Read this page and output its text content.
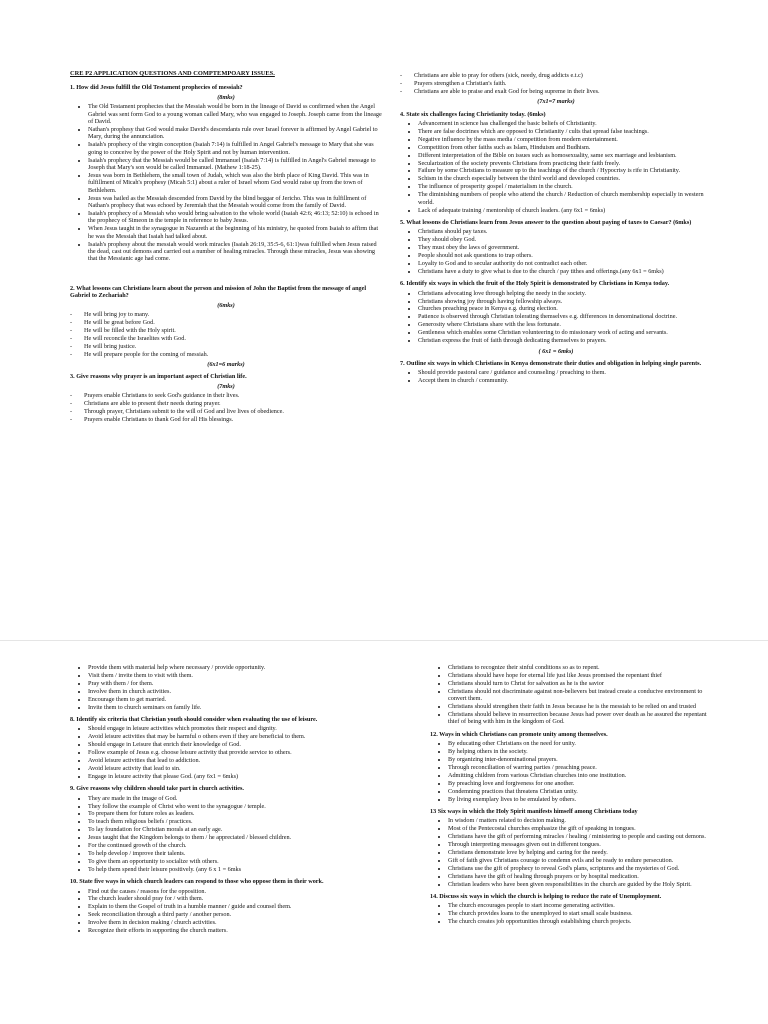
CRE P2 APPLICATION QUESTIONS AND COMPTEMPOARY ISSUES.
1. How did Jesus fulfill the Old Testament prophecies of messiah?
(8mks)
• The Old Testament prophecies that the Messiah would be born in the lineage of David ss confirmed when the Angel Gabriel was sent form God to a young woman called Mary, who was engaged to Joseph. Joseph came from the lineage of David.
• Nathan's prophesy that God would make David's descendants rule over Israel forever is affirmed by Angel Gabriel to Mary, during the annunciation.
• Isaiah's prophecy of the virgin conception (Isaiah 7:14) is fulfilled in Angel Gabriel's message to Mary that she was going to conceive by the power of the Holy Spirit and not by human intervention.
• Isaiah's prophecy that the Messiah would be called Immanuel (Isaiah 7:14) is fulfilled in Angel's Gabriel message to Joseph that Mary's son would be called Immanuel. (Mathew 1:18-25).
• Jesus was born in Bethlehem, the small town of Judah, which was also the birth place of King David. This was in fulfillment of Micah's prophesy (Micah 5:1) about a ruler of Israel whom God would raise up from the town of Bethlehem.
• Jesus was hailed as the Messiah descended from David by the blind beggar of Jericho. This was in fulfillment of Nathan's prophecy that was echoed by Jeremiah that the Messiah would come from the family of David.
• Isaiah's prophecy of a Messiah who would bring salvation to the whole world (Isaiah 42:6; 46:13; 52:10) is echoed in the prophecy of Simeon in the temple in reference to baby Jesus.
• When Jesus taught in the synagogue in Nazareth at the beginning of his ministry, he quoted from Isaiah to affirm that he was the Messiah that Isaiah had talked about.
• Isaiah's prophesy about the messiah would work miracles (Isaiah 26:19, 35:5-6, 61:1)was fulfilled when Jesus raised the dead, cast out demons and carried out a number of healing miracles. Through these miracles, Jesus was showing that the Messianic age had come.
2. What lessons can Christians learn about the person and mission of John the Baptist from the message of angel Gabriel to Zechariah?
(6mks)
- He will bring joy to many.
- He will be great before God.
- He will be filled with the Holy spirit.
- He will reconcile the Israelites with God.
- He will bring justice.
- He will prepare people for the coming of messiah.
(6x1=6 marks)
3. Give reasons why prayer is an important aspect of Christian life.
(7mks)
- Prayers enable Christians to seek God's guidance in their lives.
- Christians are able to present their needs during prayer.
- Through prayer, Christians submit to the will of God and live lives of obedience.
- Prayers enable Christians to thank God for all His blessings.
- Christians are able to pray for others (sick, needy, drug addicts e.t.c)
- Prayers strengthen a Christian's faith.
- Christians are able to praise and exalt God for being supreme in their lives.
(7x1=7 marks)
4. State six challenges facing Christianity today. (6mks)
• Advancement in science has challenged the basic beliefs of Christianity.
• There are false doctrines which are opposed to Christianity / cults that spread false teachings.
• Negative influence by the mass media / competition from modern entertainment.
• Competition from other faiths such as Islam, Hinduism and Budhism.
• Different interpretation of the Bible on issues such as homosexuality, same sex marriage and lesbianism.
• Secularization of the society prevents Christians from practicing their faith freely.
• Failure by some Christians to measure up to the teachings of the church / Hypocrisy is rife in Christianity.
• Schism in the church especially between the third world and developed countries.
• The influence of prosperity gospel / materialism in the church.
• The diminishing numbers of people who attend the church / Reduction of church membership especially in western world.
• Lack of adequate training / mentorship of church leaders. (any 6x1 = 6mks)
5. What lessons do Christians learn from Jesus answer to the question about paying of taxes to Caesar? (6mks)
• Christians should pay taxes.
• They should obey God.
• They must obey the laws of government.
• People should not ask questions to trap others.
• Loyalty to God and to secular authority do not contradict each other.
• Christians have a duty to give what is due to the church / pay tithes and offerings.(any 6x1 = 6mks)
6. Identify six ways in which the fruit of the Holy Spirit is demonstrated by Christians in Kenya today.
• Christians advocating love through helping the needy in the society.
• Christians showing joy through having fellowship always.
• Churches preaching peace in Kenya e.g. during election.
• Patience is observed through Christian tolerating themselves e.g. differences in denominational doctrine.
• Generosity where Christians share with the less fortunate.
• Gentleness which enables some Christian volunteering to do missionary work of acting and servants.
• Christian express the fruit of faith through dedicating themselves to prayers.
( 6x1 = 6mks)
7. Outline six ways in which Christians in Kenya demonstrate their duties and obligation in helping single parents.
• Should provide pastoral care / guidance and counseling / preaching to them.
• Accept them in church / community.
• Provide them with material help where necessary / provide opportunity.
• Visit them / invite them to visit with them.
• Pray with them / for them.
• Involve them in church activities.
• Encourage them to get married.
• Invite them to church seminars on family life.
8. Identify six criteria that Christian youth should consider when evaluating the use of leisure.
• Should engage in leisure activities which promotes their respect and dignity.
• Avoid leisure activities that may be harmful o others even if they are beneficial to them.
• Should engage in Leisure that enrich their knowledge of God.
• Follow example of Jesus e.g. choose leisure activity that provide service to others.
• Avoid leisure activities that lead to addiction.
• Avoid leisure activity that lead to sin.
• Engage in leisure activity that please God. (any 6x1 = 6mks)
9. Give reasons why children should take part in church activities.
• They are made in the image of God.
• They follow the example of Christ who went to the synagogue / temple.
• To prepare them for future roles as leaders.
• To teach them religious beliefs / practices.
• To lay foundation for Christian morals at an early age.
• Jesus taught that the Kingdom belongs to them / he appreciated / blessed children.
• For the continued growth of the church.
• To help develop / improve their talents.
• To give them an opportunity to socialize with others.
• To help them spend their leisure positively. (any 6 x 1 = 6mks
10. State five ways in which church leaders can respond to those who oppose them in their work.
• Find out the causes / reasons for the opposition.
• The church leader should pray for / with them.
• Explain to them the Gospel of truth in a humble manner / guide and counsel them.
• Seek reconciliation through a third party / another person.
• Involve them in decision making / church activities.
• Recognize their efforts in supporting the church matters.
• Christians to recognize their sinful conditions so as to repent.
• Christians should have hope for eternal life just like Jesus promised the repentant thief
• Christians should turn to Christ for salvation as he is the savior
• Christians should not discriminate against non-believers but instead create a conducive environment to convert them.
• Christians should strengthen their faith in Jesus because he is the messiah to be relied on and trusted
• Christians should believe in resurrection because Jesus had power over death as he assured the repentant thief of being with him in the kingdom of God.
12. Ways in which Christians can promote unity among themselves.
• By educating other Christians on the need for unity.
• By helping others in the society.
• By organizing inter-denominational prayers.
• Through reconciliation of warring parties / preaching peace.
• Admitting children from various Christian churches into one institution.
• By preaching love and forgiveness for one another.
• Condemning practices that threatens Christian unity.
• By living exemplary lives to be emulated by others.
13 Six ways in which the Holy Spirit manifests himself among Christians today
• In wisdom / matters related to decision making.
• Most of the Pentecostal churches emphasize the gift of speaking in tongues.
• Christians have the gift of performing miracles / healing / ministering to people and casting out demons.
• Through interpreting messages given out in different tongues.
• Christians demonstrate love by helping and caring for the needy.
• Gift of faith gives Christians courage to condemn evils and be ready to endure persecution.
• Christians use the gift of prophecy to reveal God's plans, scriptures and the mysteries of God.
• Christians have the gift of healing through prayers or by hospital medication.
• Christian leaders who have been given responsibilities in the church are guided by the Holy Spirit.
14. Discuss six ways in which the church is helping to reduce the rate of Unemployment.
• The church encourages people to start income generating activities.
• The church provides loans to the unemployed to start small scale business.
• The church creates job opportunities through establishing church projects.
